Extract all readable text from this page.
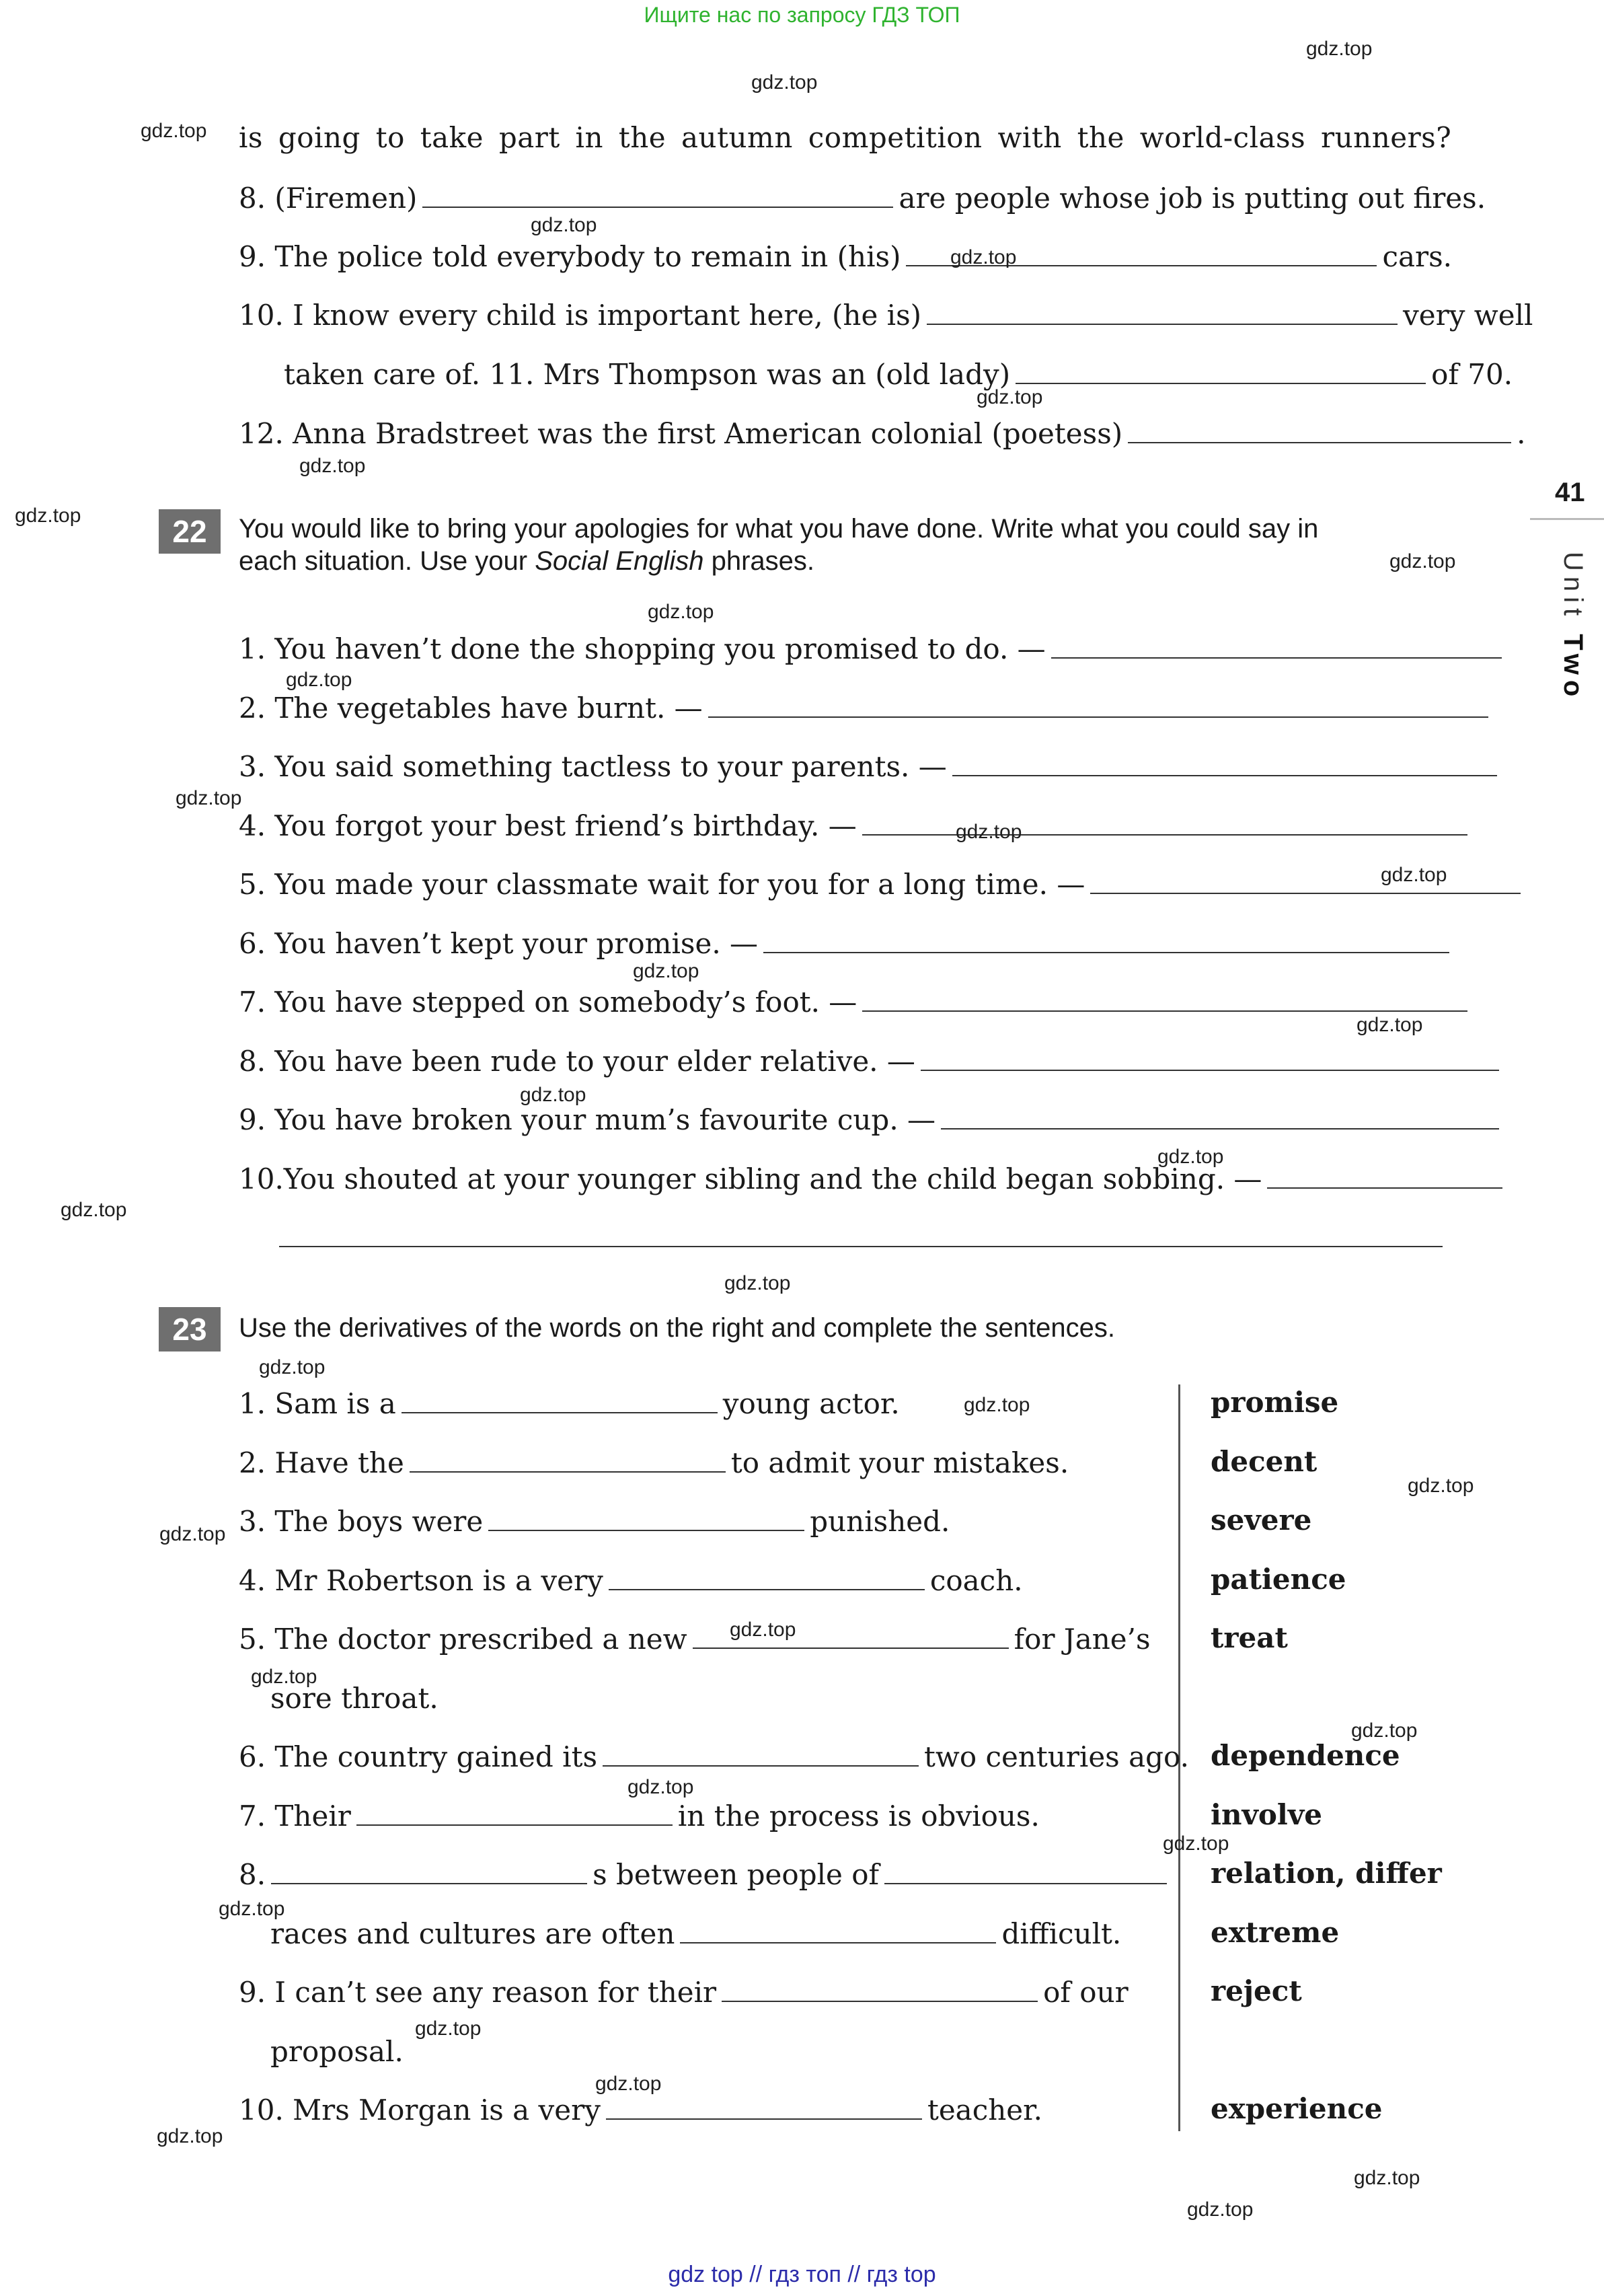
Ищите нас по запросу ГДЗ ТОП
gdz top // гдз топ // гдз top
41
Unit Two
is going to take part in the autumn competition with the world-class runners?
8. (Firemen)	are people whose job is putting out fires.
9. The police told everybody to remain in (his)	cars.
10. I know every child is important here, (he is)	very well
taken care of. 11. Mrs Thompson was an (old lady)	of 70.
12. Anna Bradstreet was the first American colonial (poetess)	.
22	You would like to bring your apologies for what you have done. Write what you could say in
each situation. Use your Social English phrases.
1. You haven’t done the shopping you promised to do. —
2. The vegetables have burnt. —
3. You said something tactless to your parents. —
4. You forgot your best friend’s birthday. —
5. You made your classmate wait for you for a long time. —
6. You haven’t kept your promise. —
7. You have stepped on somebody’s foot. —
8. You have been rude to your elder relative. —
9. You have broken your mum’s favourite cup. —
10.You shouted at your younger sibling and the child began sobbing. —
23	Use the derivatives of the words on the right and complete the sentences.
1. Sam is a	young actor.
2. Have the	to admit your mistakes.
3. The boys were	punished.
4. Mr Robertson is a very	coach.
5. The doctor prescribed a new	for Jane’s
sore throat.
6. The country gained its	two centuries ago.
7. Their	in the process is obvious.
8.	s between people of
races and cultures are often	difficult.
9. I can’t see any reason for their	of our
proposal.
10. Mrs Morgan is a very	teacher.
promise
decent
severe
patience
treat
dependence
involve
relation, differ
extreme
reject
experience
gdz.top
gdz.top
gdz.top
gdz.top
gdz.top
gdz.top
gdz.top
gdz.top
gdz.top
gdz.top
gdz.top
gdz.top
gdz.top
gdz.top
gdz.top
gdz.top
gdz.top
gdz.top
gdz.top
gdz.top
gdz.top
gdz.top
gdz.top
gdz.top
gdz.top
gdz.top
gdz.top
gdz.top
gdz.top
gdz.top
gdz.top
gdz.top
gdz.top
gdz.top
gdz.top
